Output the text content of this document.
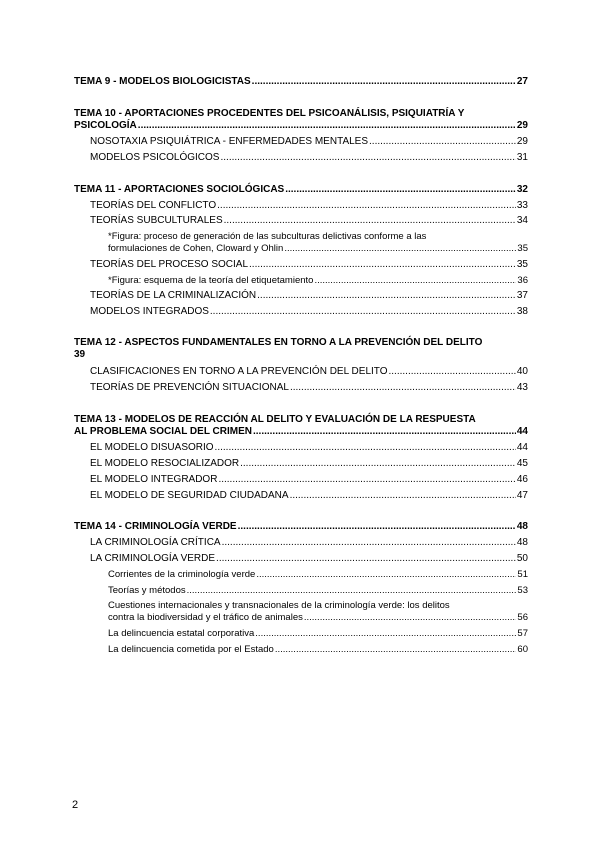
TEMA 9 - MODELOS BIOLOGICISTAS .....	27
TEMA 10 - APORTACIONES PROCEDENTES DEL PSICOANÁLISIS, PSIQUIATRÍA Y
PSICOLOGÍA .....	29
NOSOTAXIA PSIQUIÁTRICA - ENFERMEDADES MENTALES .....	29
MODELOS PSICOLÓGICOS .....	31
TEMA 11 - APORTACIONES SOCIOLÓGICAS .....	32
TEORÍAS DEL CONFLICTO .....	33
TEORÍAS SUBCULTURALES .....	34
*Figura: proceso de generación de las subculturas delictivas conforme a las
formulaciones de Cohen, Cloward y Ohlin .....	35
TEORÍAS DEL PROCESO SOCIAL .....	35
*Figura: esquema de la teoría del etiquetamiento .....	36
TEORÍAS DE LA CRIMINALIZACIÓN .....	37
MODELOS INTEGRADOS .....	38
TEMA 12 - ASPECTOS FUNDAMENTALES EN TORNO A LA PREVENCIÓN DEL DELITO
39
CLASIFICACIONES EN TORNO A LA PREVENCIÓN DEL DELITO .....	40
TEORÍAS DE PREVENCIÓN SITUACIONAL .....	43
TEMA 13 - MODELOS DE REACCIÓN AL DELITO Y EVALUACIÓN DE LA RESPUESTA
AL PROBLEMA SOCIAL DEL CRIMEN .....	44
EL MODELO DISUASORIO .....	44
EL MODELO RESOCIALIZADOR .....	45
EL MODELO INTEGRADOR .....	46
EL MODELO DE SEGURIDAD CIUDADANA .....	47
TEMA 14 - CRIMINOLOGÍA VERDE .....	48
LA CRIMINOLOGÍA CRÍTICA .....	48
LA CRIMINOLOGÍA VERDE .....	50
Corrientes de la criminología verde .....	51
Teorías y métodos .....	53
Cuestiones internacionales y transnacionales de la criminología verde: los delitos
contra la biodiversidad y el tráfico de animales .....	56
La delincuencia estatal corporativa .....	57
La delincuencia cometida por el Estado .....	60
2
